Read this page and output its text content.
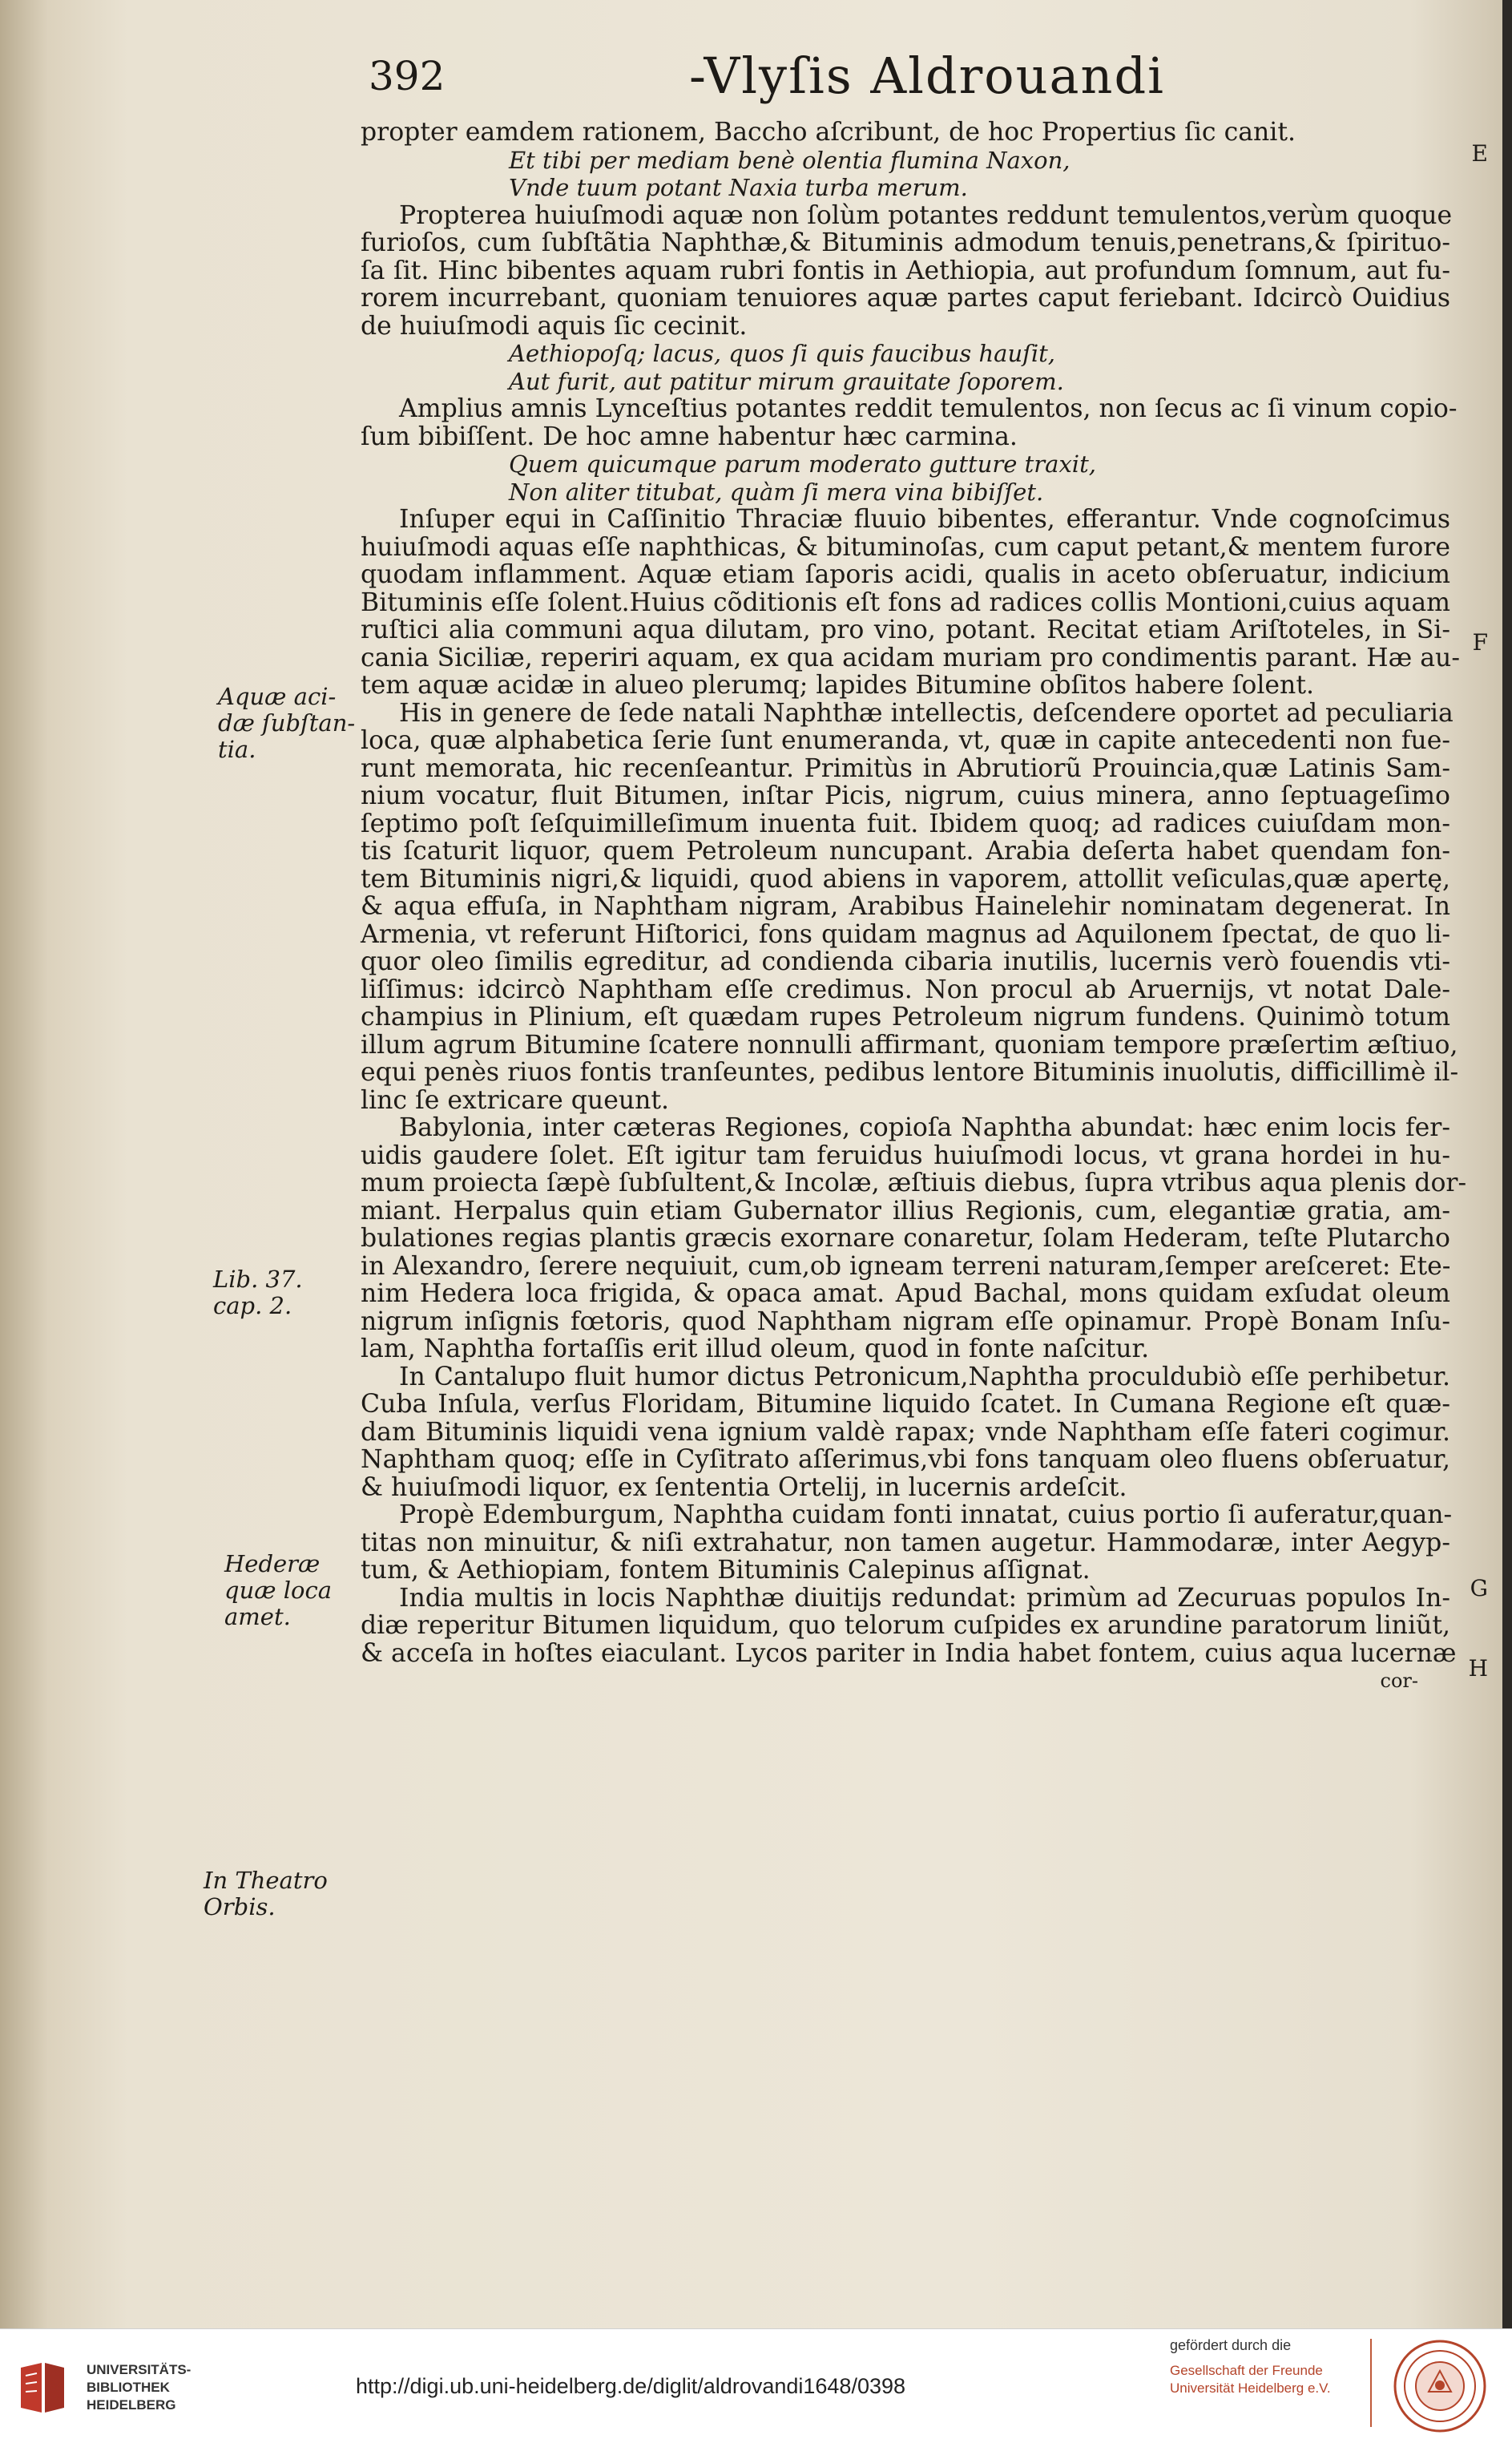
392	-Vlyſis Aldrouandi
propter eamdem rationem, Baccho aſcribunt, de hoc Propertius ſic canit.
Et tibi per mediam benè olentia flumina Naxon,
Vnde tuum potant Naxia turba merum.
Propterea huiuſmodi aquæ non ſolùm potantes reddunt temulentos,verùm quoque
furioſos, cum ſubſtãtia Naphthæ,& Bituminis admodum tenuis,penetrans,& ſpirituo-
ſa ſit. Hinc bibentes aquam rubri fontis in Aethiopia, aut profundum ſomnum, aut fu-
rorem incurrebant, quoniam tenuiores aquæ partes caput feriebant. Idcircò Ouidius
de huiuſmodi aquis ſic cecinit.
Aethiopoſq; lacus, quos ſi quis faucibus hauſit,
Aut furit, aut patitur mirum grauitate ſoporem.
Amplius amnis Lynceſtius potantes reddit temulentos, non ſecus ac ſi vinum copio-
ſum bibiſſent. De hoc amne habentur hæc carmina.
Quem quicumque parum moderato gutture traxit,
Non aliter titubat, quàm ſi mera vina bibiſſet.
Inſuper equi in Caſſinitio Thraciæ fluuio bibentes, efferantur. Vnde cognoſcimus
huiuſmodi aquas eſſe naphthicas, & bituminoſas, cum caput petant,& mentem furore
quodam inflamment. Aquæ etiam ſaporis acidi, qualis in aceto obſeruatur, indicium
Bituminis eſſe ſolent.Huius cõditionis eſt fons ad radices collis Montioni,cuius aquam
ruſtici alia communi aqua dilutam, pro vino, potant. Recitat etiam Ariſtoteles, in Si-
cania Siciliæ, reperiri aquam, ex qua acidam muriam pro condimentis parant. Hæ au-
tem aquæ acidæ in alueo plerumq; lapides Bitumine obſitos habere ſolent.
His in genere de ſede natali Naphthæ intellectis, deſcendere oportet ad peculiaria
loca, quæ alphabetica ſerie ſunt enumeranda, vt, quæ in capite antecedenti non fue-
runt memorata, hic recenſeantur. Primitùs in Abrutiorũ Prouincia,quæ Latinis Sam-
nium vocatur, fluit Bitumen, inſtar Picis, nigrum, cuius minera, anno ſeptuageſimo
ſeptimo poſt ſeſquimilleſimum inuenta fuit. Ibidem quoq; ad radices cuiuſdam mon-
tis ſcaturit liquor, quem Petroleum nuncupant. Arabia deſerta habet quendam fon-
tem Bituminis nigri,& liquidi, quod abiens in vaporem, attollit veſiculas,quæ apertę,
& aqua effuſa, in Naphtham nigram, Arabibus Hainelehir nominatam degenerat. In
Armenia, vt referunt Hiſtorici, fons quidam magnus ad Aquilonem ſpectat, de quo li-
quor oleo ſimilis egreditur, ad condienda cibaria inutilis, lucernis verò fouendis vti-
liſſimus: idcircò Naphtham eſſe credimus. Non procul ab Aruernijs, vt notat Dale-
champius in Plinium, eſt quædam rupes Petroleum nigrum fundens. Quinimò totum
illum agrum Bitumine ſcatere nonnulli affirmant, quoniam tempore præſertim æſtiuo,
equi penès riuos fontis tranſeuntes, pedibus lentore Bituminis inuolutis, difficillimè il-
linc ſe extricare queunt.
Babylonia, inter cæteras Regiones, copioſa Naphtha abundat: hæc enim locis fer-
uidis gaudere ſolet. Eſt igitur tam feruidus huiuſmodi locus, vt grana hordei in hu-
mum proiecta ſæpè ſubſultent,& Incolæ, æſtiuis diebus, ſupra vtribus aqua plenis dor-
miant. Herpalus quin etiam Gubernator illius Regionis, cum, elegantiæ gratia, am-
bulationes regias plantis græcis exornare conaretur, ſolam Hederam, teſte Plutarcho
in Alexandro, ſerere nequiuit, cum,ob igneam terreni naturam,ſemper areſceret: Ete-
nim Hedera loca frigida, & opaca amat. Apud Bachal, mons quidam exſudat oleum
nigrum inſignis fœtoris, quod Naphtham nigram eſſe opinamur. Propè Bonam Inſu-
lam, Naphtha fortaſſis erit illud oleum, quod in fonte naſcitur.
In Cantalupo fluit humor dictus Petronicum,Naphtha proculdubiò eſſe perhibetur.
Cuba Inſula, verſus Floridam, Bitumine liquido ſcatet. In Cumana Regione eſt quæ-
dam Bituminis liquidi vena ignium valdè rapax; vnde Naphtham eſſe fateri cogimur.
Naphtham quoq; eſſe in Cyſitrato aſſerimus,vbi fons tanquam oleo fluens obſeruatur,
& huiuſmodi liquor, ex ſententia Ortelij, in lucernis ardeſcit.
Propè Edemburgum, Naphtha cuidam fonti innatat, cuius portio ſi auferatur,quan-
titas non minuitur, & niſi extrahatur, non tamen augetur. Hammodaræ, inter Aegyp-
tum, & Aethiopiam, fontem Bituminis Calepinus aſſignat.
India multis in locis Naphthæ diuitijs redundat: primùm ad Zecuruas populos In-
diæ reperitur Bitumen liquidum, quo telorum cuſpides ex arundine paratorum liniũt,
& acceſa in hoſtes eiaculant. Lycos pariter in India habet fontem, cuius aqua lucernæ
cor-
Aquæ aci-
dæ ſubſtan-
tia.
Lib. 37.
cap. 2.
Hederæ
quæ loca
amet.
In Theatro
Orbis.
E
F
G
H
UNIVERSITÄTS-
BIBLIOTHEK
HEIDELBERG
http://digi.ub.uni-heidelberg.de/diglit/aldrovandi1648/0398
gefördert durch die
Gesellschaft der Freunde
Universität Heidelberg e.V.
